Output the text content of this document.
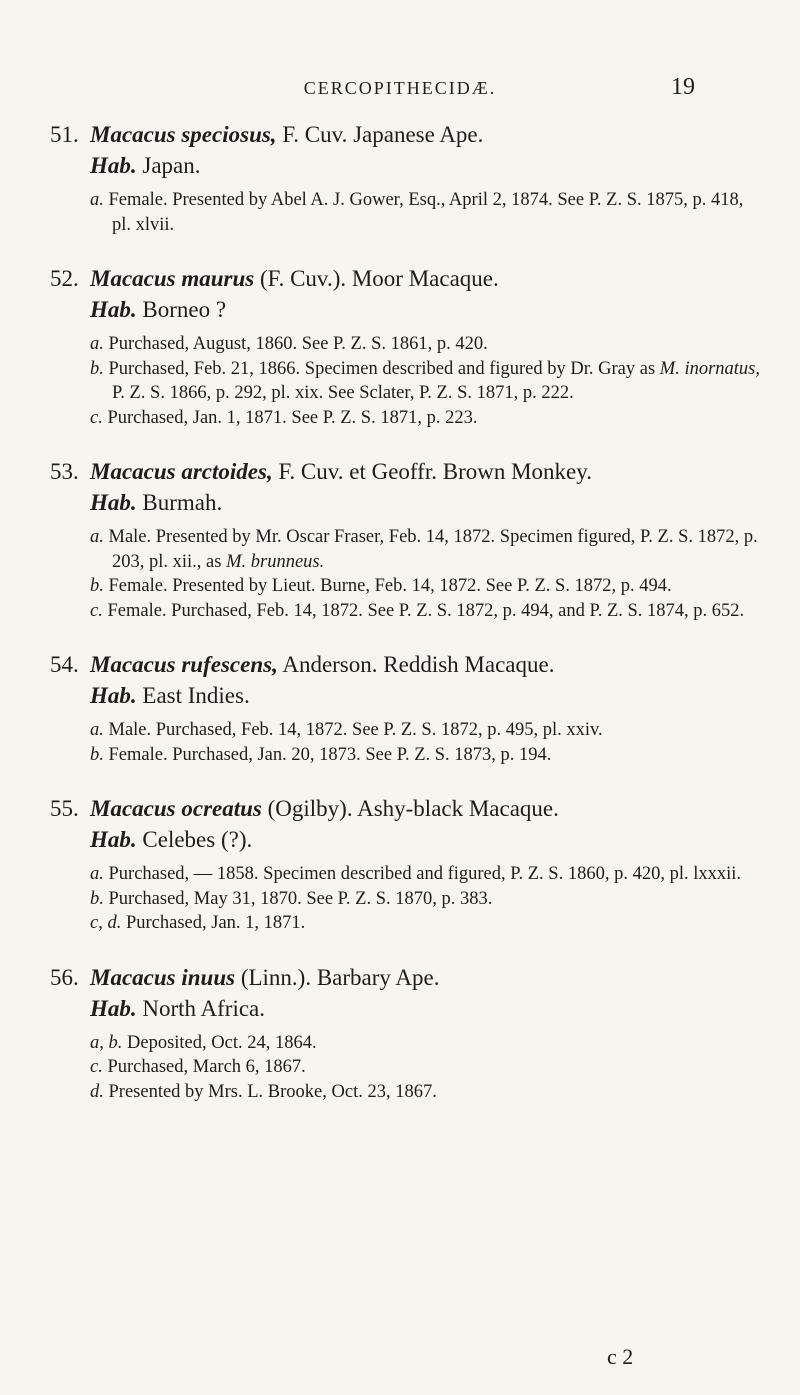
CERCOPITHECIDÆ.	19
51. Macacus speciosus, F. Cuv. Japanese Ape.
Hab. Japan.
a. Female. Presented by Abel A. J. Gower, Esq., April 2, 1874. See P. Z. S. 1875, p. 418, pl. xlvii.
52. Macacus maurus (F. Cuv.). Moor Macaque.
Hab. Borneo ?
a. Purchased, August, 1860. See P. Z. S. 1861, p. 420.
b. Purchased, Feb. 21, 1866. Specimen described and figured by Dr. Gray as M. inornatus, P. Z. S. 1866, p. 292, pl. xix. See Sclater, P. Z. S. 1871, p. 222.
c. Purchased, Jan. 1, 1871. See P. Z. S. 1871, p. 223.
53. Macacus arctoides, F. Cuv. et Geoffr. Brown Monkey.
Hab. Burmah.
a. Male. Presented by Mr. Oscar Fraser, Feb. 14, 1872. Specimen figured, P. Z. S. 1872, p. 203, pl. xii., as M. brunneus.
b. Female. Presented by Lieut. Burne, Feb. 14, 1872. See P. Z. S. 1872, p. 494.
c. Female. Purchased, Feb. 14, 1872. See P. Z. S. 1872, p. 494, and P. Z. S. 1874, p. 652.
54. Macacus rufescens, Anderson. Reddish Macaque.
Hab. East Indies.
a. Male. Purchased, Feb. 14, 1872. See P. Z. S. 1872, p. 495, pl. xxiv.
b. Female. Purchased, Jan. 20, 1873. See P. Z. S. 1873, p. 194.
55. Macacus ocreatus (Ogilby). Ashy-black Macaque.
Hab. Celebes (?).
a. Purchased, — 1858. Specimen described and figured, P. Z. S. 1860, p. 420, pl. lxxxii.
b. Purchased, May 31, 1870. See P. Z. S. 1870, p. 383.
c, d. Purchased, Jan. 1, 1871.
56. Macacus inuus (Linn.). Barbary Ape.
Hab. North Africa.
a, b. Deposited, Oct. 24, 1864.
c. Purchased, March 6, 1867.
d. Presented by Mrs. L. Brooke, Oct. 23, 1867.
c 2
